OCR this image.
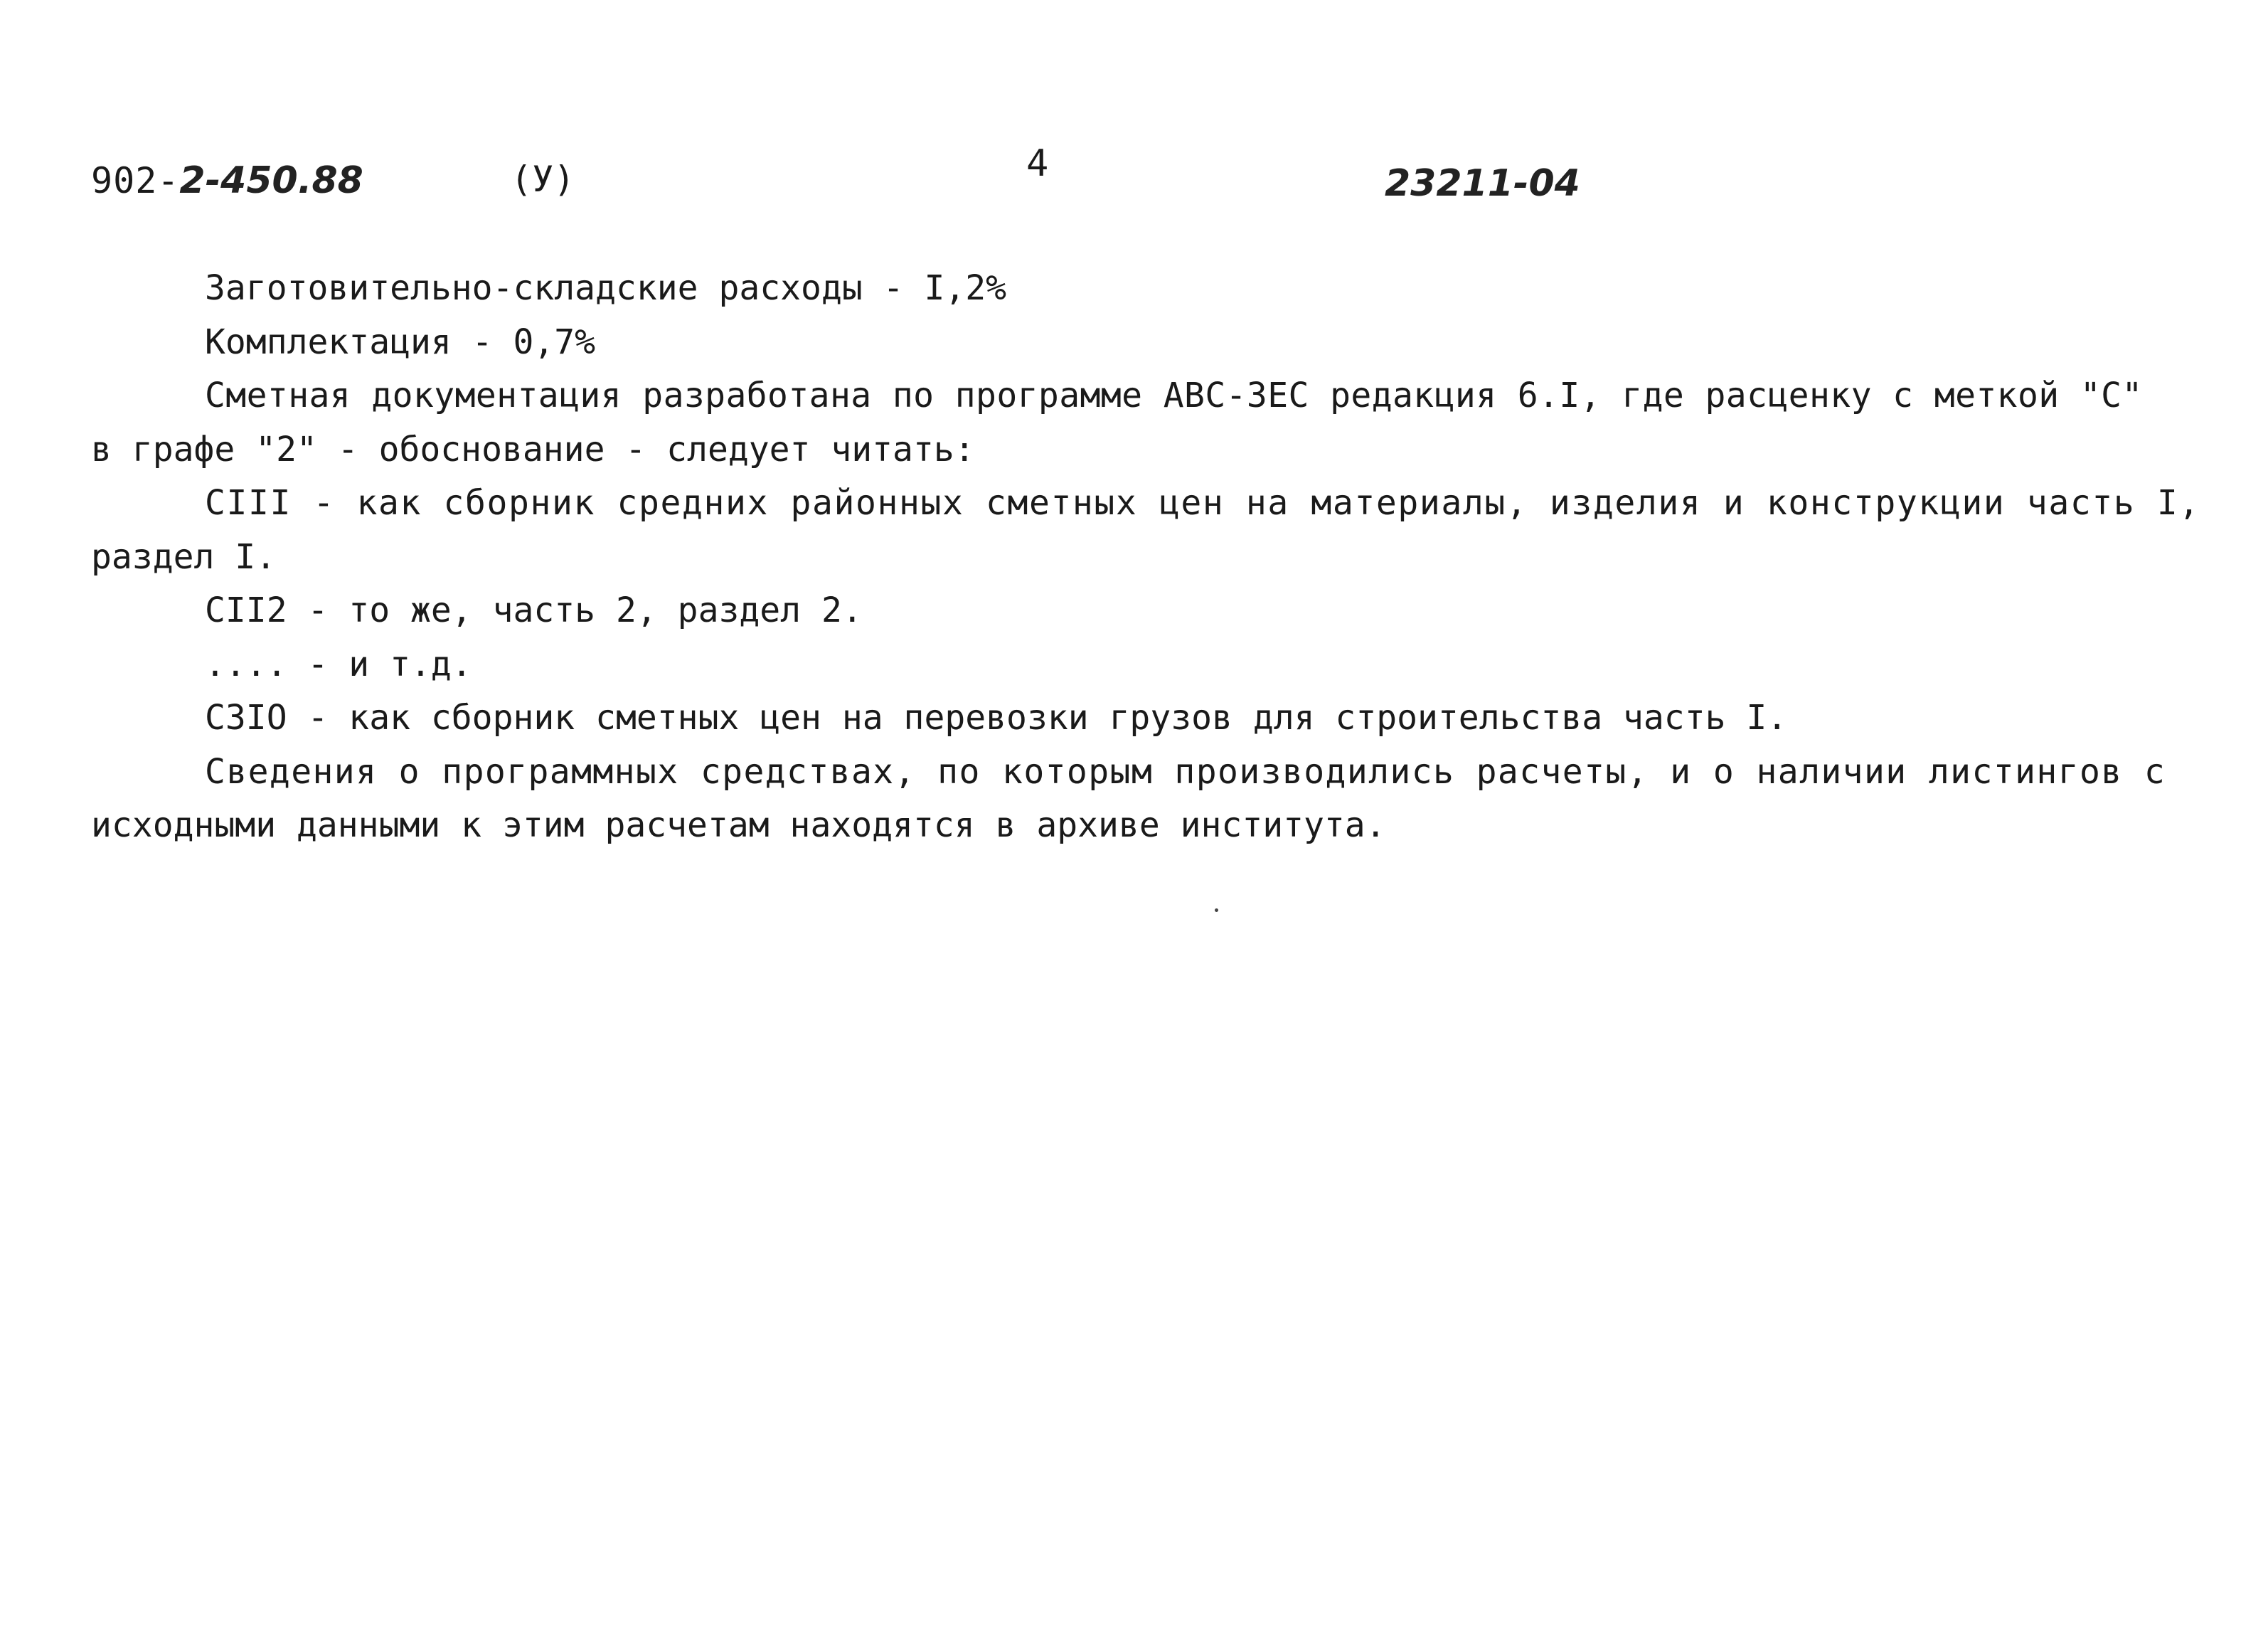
902-2-450.88	(У)	4	23211-04
Заготовительно-складские расходы - I,2%
Комплектация - 0,7%
Сметная документация разработана по программе АВС-ЗЕС редакция 6.I, где расценку с меткой "С"
в графе "2" - обоснование - следует читать:
CIII - как сборник средних районных сметных цен на материалы, изделия и конструкции часть I,
раздел I.
CII2 - то же, часть 2, раздел 2.
.... - и т.д.
С3IO - как сборник сметных цен на перевозки грузов для строительства часть I.
Сведения о программных средствах, по которым производились расчеты, и о наличии листингов с
исходными данными к этим расчетам находятся в архиве института.
